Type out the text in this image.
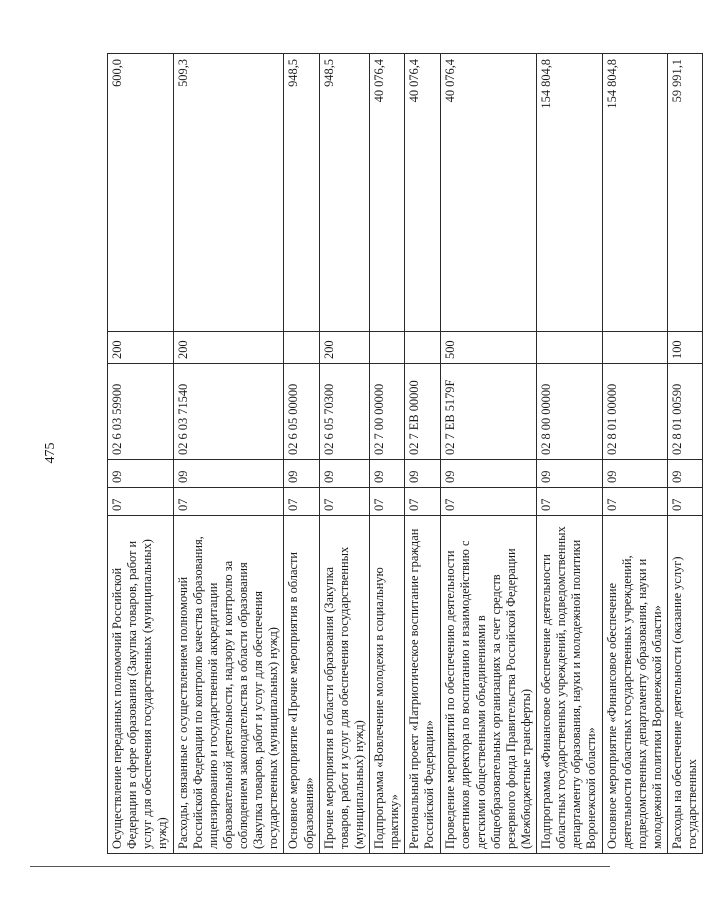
475
Осуществление переданных полномочий Российской Федерации в сфере образования (Закупка товаров, работ и услуг для обеспечения государственных (муниципальных) нужд)	07	09	02 6 03 59900	200	600,0
Расходы, связанные с осуществлением полномочий Российской Федерации по контролю качества образования, лицензированию и государственной аккредитации образовательной деятельности, надзору и контролю за соблюдением законодательства в области образования (Закупка товаров, работ и услуг для обеспечения государственных (муниципальных) нужд)	07	09	02 6 03 71540	200	509,3
Основное мероприятие «Прочие мероприятия в области образования»	07	09	02 6 05 00000		948,5
Прочие мероприятия в области образования (Закупка товаров, работ и услуг для обеспечения государственных (муниципальных) нужд)	07	09	02 6 05 70300	200	948,5
Подпрограмма «Вовлечение молодежи в социальную практику»	07	09	02 7 00 00000		40 076,4
Региональный проект «Патриотическое воспитание граждан Российской Федерации»	07	09	02 7 ЕВ 00000		40 076,4
Проведение мероприятий по обеспечению деятельности советников директора по воспитанию и взаимодействию с детскими общественными объединениями в общеобразовательных организациях за счет средств резервного фонда Правительства Российской Федерации (Межбюджетные трансферты)	07	09	02 7 ЕВ 5179F	500	40 076,4
Подпрограмма «Финансовое обеспечение деятельности областных государственных учреждений, подведомственных департаменту образования, науки и молодежной политики Воронежской области»	07	09	02 8 00 00000		154 804,8
Основное мероприятие «Финансовое обеспечение деятельности областных государственных учреждений, подведомственных департаменту образования, науки и молодежной политики Воронежской области»	07	09	02 8 01 00000		154 804,8
Расходы на обеспечение деятельности (оказание услуг) государственных	07	09	02 8 01 00590	100	59 991,1
